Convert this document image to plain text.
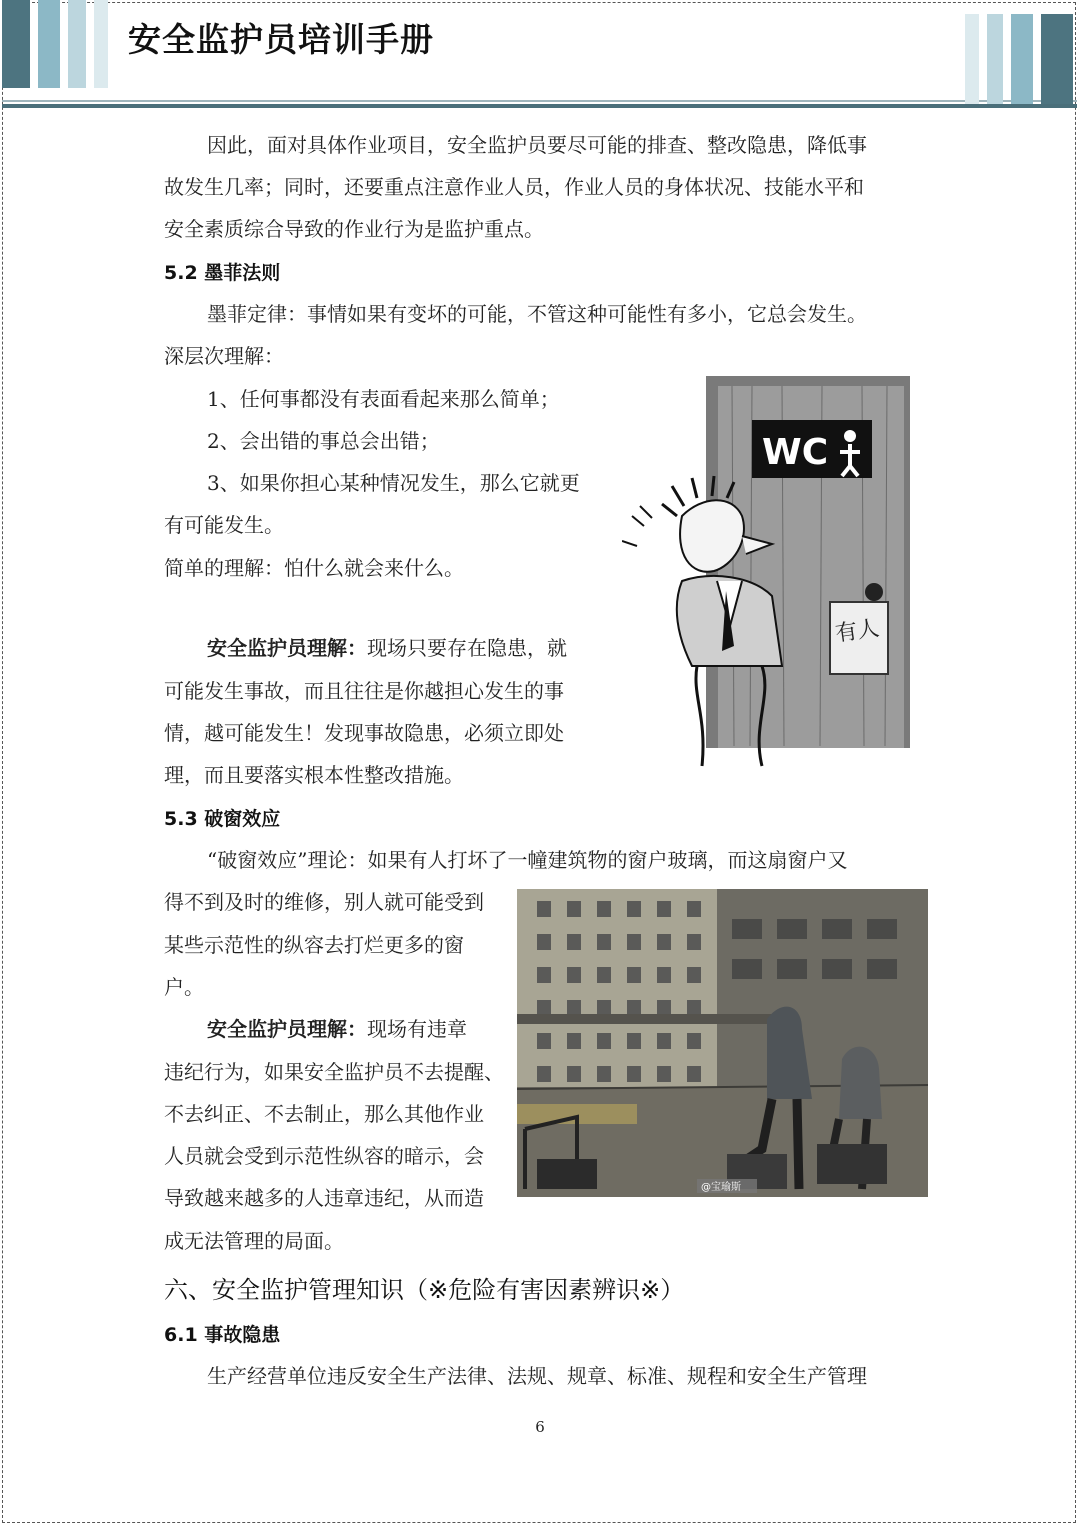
安全监护员培训手册
因此，面对具体作业项目，安全监护员要尽可能的排查、整改隐患，降低事
故发生几率；同时，还要重点注意作业人员，作业人员的身体状况、技能水平和
安全素质综合导致的作业行为是监护重点。
5.2 墨菲法则
墨菲定律：事情如果有变坏的可能，不管这种可能性有多小，它总会发生。
深层次理解：
1、任何事都没有表面看起来那么简单；
2、会出错的事总会出错；
3、如果你担心某种情况发生，那么它就更
有可能发生。
简单的理解：怕什么就会来什么。
安全监护员理解：现场只要存在隐患，就
可能发生事故，而且往往是你越担心发生的事
情，越可能发生！发现事故隐患，必须立即处
理，而且要落实根本性整改措施。
WC
有人
5.3 破窗效应
“破窗效应”理论：如果有人打坏了一幢建筑物的窗户玻璃，而这扇窗户又
得不到及时的维修，别人就可能受到
某些示范性的纵容去打烂更多的窗
户。
安全监护员理解：现场有违章
违纪行为，如果安全监护员不去提醒、
不去纠正、不去制止，那么其他作业
人员就会受到示范性纵容的暗示，会
导致越来越多的人违章违纪，从而造
成无法管理的局面。
@宝瑜斯
六、安全监护管理知识（※危险有害因素辨识※）
6.1 事故隐患
生产经营单位违反安全生产法律、法规、规章、标准、规程和安全生产管理
6
